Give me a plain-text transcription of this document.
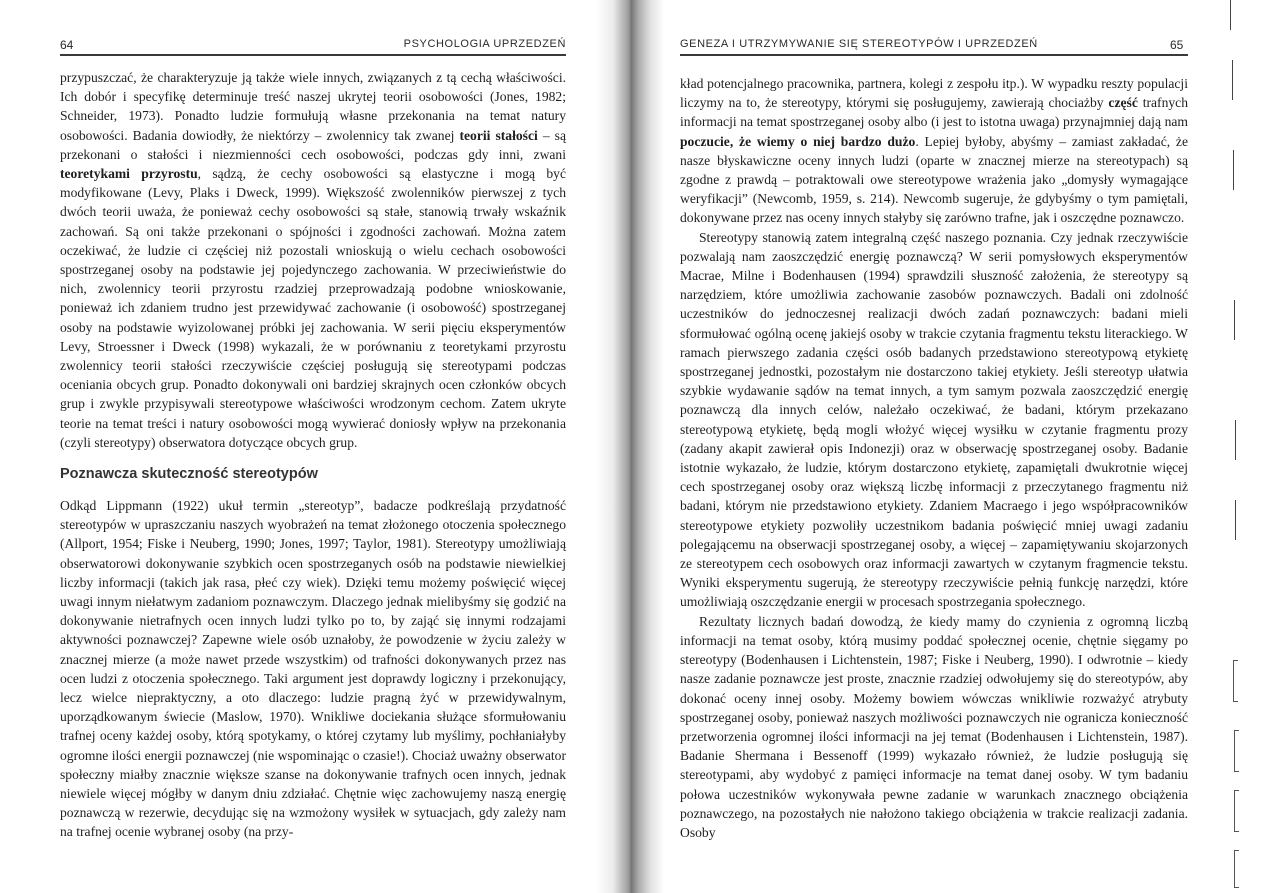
64	PSYCHOLOGIA UPRZEDZEŃ

przypuszczać, że charakteryzuje ją także wiele innych, związanych z tą cechą właściwości. Ich dobór i specyfikę determinuje treść naszej ukrytej teorii osobowości (Jones, 1982; Schneider, 1973). Ponadto ludzie formułują własne przekonania na temat natury osobowości. Badania dowiodły, że niektórzy – zwolennicy tak zwanej teorii stałości – są przekonani o stałości i niezmienności cech osobowości, podczas gdy inni, zwani teoretykami przyrostu, sądzą, że cechy osobowości są elastyczne i mogą być modyfikowane (Levy, Plaks i Dweck, 1999). Większość zwolenników pierwszej z tych dwóch teorii uważa, że ponieważ cechy osobowości są stałe, stanowią trwały wskaźnik zachowań. Są oni także przekonani o spójności i zgodności zachowań. Można zatem oczekiwać, że ludzie ci częściej niż pozostali wnioskują o wielu cechach osobowości spostrzeganej osoby na podstawie jej pojedynczego zachowania. W przeciwieństwie do nich, zwolennicy teorii przyrostu rzadziej przeprowadzają podobne wnioskowanie, ponieważ ich zdaniem trudno jest przewidywać zachowanie (i osobowość) spostrzeganej osoby na podstawie wyizolowanej próbki jej zachowania. W serii pięciu eksperymentów Levy, Stroessner i Dweck (1998) wykazali, że w porównaniu z teoretykami przyrostu zwolennicy teorii stałości rzeczywiście częściej posługują się stereotypami podczas oceniania obcych grup. Ponadto dokonywali oni bardziej skrajnych ocen członków obcych grup i zwykle przypisywali stereotypowe właściwości wrodzonym cechom. Zatem ukryte teorie na temat treści i natury osobowości mogą wywierać doniosły wpływ na przekonania (czyli stereotypy) obserwatora dotyczące obcych grup.

Poznawcza skuteczność stereotypów

Odkąd Lippmann (1922) ukuł termin „stereotyp”, badacze podkreślają przydatność stereotypów w upraszczaniu naszych wyobrażeń na temat złożonego otoczenia społecznego (Allport, 1954; Fiske i Neuberg, 1990; Jones, 1997; Taylor, 1981). Stereotypy umożliwiają obserwatorowi dokonywanie szybkich ocen spostrzeganych osób na podstawie niewielkiej liczby informacji (takich jak rasa, płeć czy wiek). Dzięki temu możemy poświęcić więcej uwagi innym niełatwym zadaniom poznawczym. Dlaczego jednak mielibyśmy się godzić na dokonywanie nietrafnych ocen innych ludzi tylko po to, by zająć się innymi rodzajami aktywności poznawczej? Zapewne wiele osób uznałoby, że powodzenie w życiu zależy w znacznej mierze (a może nawet przede wszystkim) od trafności dokonywanych przez nas ocen ludzi z otoczenia społecznego. Taki argument jest doprawdy logiczny i przekonujący, lecz wielce niepraktyczny, a oto dlaczego: ludzie pragną żyć w przewidywalnym, uporządkowanym świecie (Maslow, 1970). Wnikliwe dociekania służące sformułowaniu trafnej oceny każdej osoby, którą spotykamy, o której czytamy lub myślimy, pochłaniałyby ogromne ilości energii poznawczej (nie wspominając o czasie!). Chociaż uważny obserwator społeczny miałby znacznie większe szanse na dokonywanie trafnych ocen innych, jednak niewiele więcej mógłby w danym dniu zdziałać. Chętnie więc zachowujemy naszą energię poznawczą w rezerwie, decydując się na wzmożony wysiłek w sytuacjach, gdy zależy nam na trafnej ocenie wybranej osoby (na przy-

GENEZA I UTRZYMYWANIE SIĘ STEREOTYPÓW I UPRZEDZEŃ	65

kład potencjalnego pracownika, partnera, kolegi z zespołu itp.). W wypadku reszty populacji liczymy na to, że stereotypy, którymi się posługujemy, zawierają chociażby część trafnych informacji na temat spostrzeganej osoby albo (i jest to istotna uwaga) przynajmniej dają nam poczucie, że wiemy o niej bardzo dużo. Lepiej byłoby, abyśmy – zamiast zakładać, że nasze błyskawiczne oceny innych ludzi (oparte w znacznej mierze na stereotypach) są zgodne z prawdą – potraktowali owe stereotypowe wrażenia jako „domysły wymagające weryfikacji” (Newcomb, 1959, s. 214). Newcomb sugeruje, że gdybyśmy o tym pamiętali, dokonywane przez nas oceny innych stałyby się zarówno trafne, jak i oszczędne poznawczo.

Stereotypy stanowią zatem integralną część naszego poznania. Czy jednak rzeczywiście pozwalają nam zaoszczędzić energię poznawczą? W serii pomysłowych eksperymentów Macrae, Milne i Bodenhausen (1994) sprawdzili słuszność założenia, że stereotypy są narzędziem, które umożliwia zachowanie zasobów poznawczych. Badali oni zdolność uczestników do jednoczesnej realizacji dwóch zadań poznawczych: badani mieli sformułować ogólną ocenę jakiejś osoby w trakcie czytania fragmentu tekstu literackiego. W ramach pierwszego zadania części osób badanych przedstawiono stereotypową etykietę spostrzeganej jednostki, pozostałym nie dostarczono takiej etykiety. Jeśli stereotyp ułatwia szybkie wydawanie sądów na temat innych, a tym samym pozwala zaoszczędzić energię poznawczą dla innych celów, należało oczekiwać, że badani, którym przekazano stereotypową etykietę, będą mogli włożyć więcej wysiłku w czytanie fragmentu prozy (zadany akapit zawierał opis Indonezji) oraz w obserwację spostrzeganej osoby. Badanie istotnie wykazało, że ludzie, którym dostarczono etykietę, zapamiętali dwukrotnie więcej cech spostrzeganej osoby oraz większą liczbę informacji z przeczytanego fragmentu niż badani, którym nie przedstawiono etykiety. Zdaniem Macraego i jego współpracowników stereotypowe etykiety pozwoliły uczestnikom badania poświęcić mniej uwagi zadaniu polegającemu na obserwacji spostrzeganej osoby, a więcej – zapamiętywaniu skojarzonych ze stereotypem cech osobowych oraz informacji zawartych w czytanym fragmencie tekstu. Wyniki eksperymentu sugerują, że stereotypy rzeczywiście pełnią funkcję narzędzi, które umożliwiają oszczędzanie energii w procesach spostrzegania społecznego.

Rezultaty licznych badań dowodzą, że kiedy mamy do czynienia z ogromną liczbą informacji na temat osoby, którą musimy poddać społecznej ocenie, chętnie sięgamy po stereotypy (Bodenhausen i Lichtenstein, 1987; Fiske i Neuberg, 1990). I odwrotnie – kiedy nasze zadanie poznawcze jest proste, znacznie rzadziej odwołujemy się do stereotypów, aby dokonać oceny innej osoby. Możemy bowiem wówczas wnikliwie rozważyć atrybuty spostrzeganej osoby, ponieważ naszych możliwości poznawczych nie ogranicza konieczność przetworzenia ogromnej ilości informacji na jej temat (Bodenhausen i Lichtenstein, 1987). Badanie Shermana i Bessenoff (1999) wykazało również, że ludzie posługują się stereotypami, aby wydobyć z pamięci informacje na temat danej osoby. W tym badaniu połowa uczestników wykonywała pewne zadanie w warunkach znacznego obciążenia poznawczego, na pozostałych nie nałożono takiego obciążenia w trakcie realizacji zadania. Osoby
